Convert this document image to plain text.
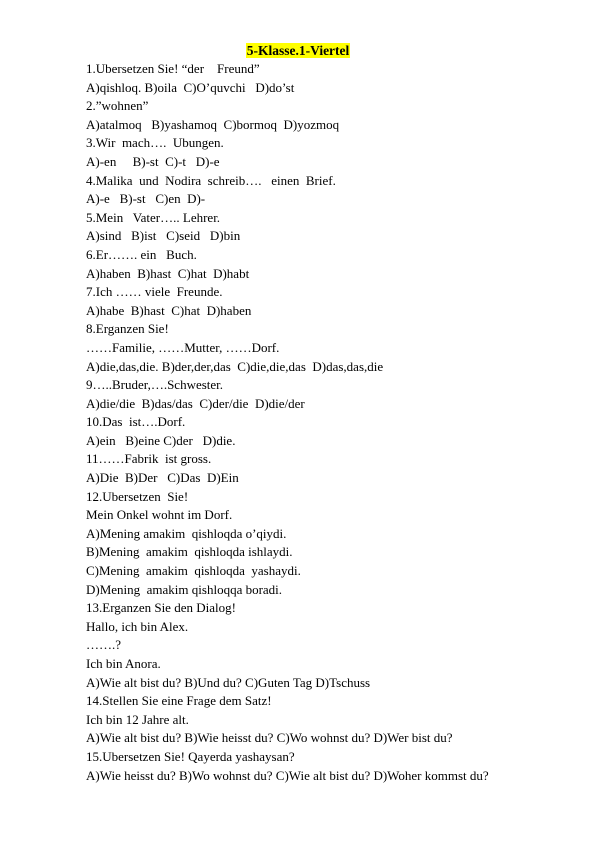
5-Klasse.1-Viertel
1.Ubersetzen Sie! “der    Freund”
A)qishloq. B)oila  C)O’quvchi   D)do’st
2.”wohnen”
A)atalmoq   B)yashamoq  C)bormoq  D)yozmoq
3.Wir  mach….  Ubungen.
A)-en     B)-st  C)-t   D)-e
4.Malika  und  Nodira  schreib….   einen  Brief.
A)-e   B)-st   C)en  D)-
5.Mein   Vater….. Lehrer.
A)sind   B)ist   C)seid   D)bin
6.Er……. ein   Buch.
A)haben  B)hast  C)hat  D)habt
7.Ich …… viele  Freunde.
A)habe  B)hast  C)hat  D)haben
8.Erganzen Sie!
……Familie, ……Mutter, ……Dorf.
A)die,das,die. B)der,der,das  C)die,die,das  D)das,das,die
9…..Bruder,….Schwester.
A)die/die  B)das/das  C)der/die  D)die/der
10.Das  ist….Dorf.
A)ein   B)eine C)der   D)die.
11……Fabrik  ist gross.
A)Die  B)Der   C)Das  D)Ein
12.Ubersetzen  Sie!
Mein Onkel wohnt im Dorf.
A)Mening amakim  qishloqda o’qiydi.
B)Mening  amakim  qishloqda ishlaydi.
C)Mening  amakim  qishloqda  yashaydi.
D)Mening  amakim qishloqqa boradi.
13.Erganzen Sie den Dialog!
Hallo, ich bin Alex.
…….?
Ich bin Anora.
A)Wie alt bist du? B)Und du? C)Guten Tag D)Tschuss
14.Stellen Sie eine Frage dem Satz!
Ich bin 12 Jahre alt.
A)Wie alt bist du? B)Wie heisst du? C)Wo wohnst du? D)Wer bist du?
15.Ubersetzen Sie! Qayerda yashaysan?
A)Wie heisst du? B)Wo wohnst du? C)Wie alt bist du? D)Woher kommst du?
